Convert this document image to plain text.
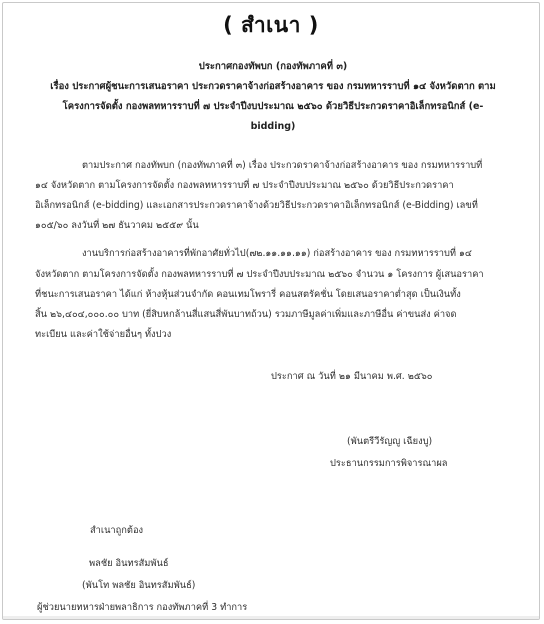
( สำเนา )
ประกาศกองทัพบก (กองทัพภาคที่ ๓)
เรื่อง ประกาศผู้ชนะการเสนอราคา ประกวดราคาจ้างก่อสร้างอาคาร ของ กรมทหารราบที่ ๑๔ จังหวัดตาก ตาม
โครงการจัดตั้ง กองพลทหารราบที่ ๗ ประจำปีงบประมาณ ๒๕๖๐ ด้วยวิธีประกวดราคาอิเล็กทรอนิกส์ (e-
bidding)
ตามประกาศ กองทัพบก (กองทัพภาคที่ ๓) เรื่อง ประกวดราคาจ้างก่อสร้างอาคาร ของ กรมทหารราบที่
๑๔ จังหวัดตาก ตามโครงการจัดตั้ง กองพลทหารราบที่ ๗ ประจำปีงบประมาณ ๒๕๖๐ ด้วยวิธีประกวดราคา
อิเล็กทรอนิกส์ (e-bidding) และเอกสารประกวดราคาจ้างด้วยวิธีประกวดราคาอิเล็กทรอนิกส์ (e-Bidding) เลขที่
๑๐๕/๖๐ ลงวันที่ ๒๗ ธันวาคม ๒๕๕๙ นั้น
งานบริการก่อสร้างอาคารที่พักอาศัยทั่วไป(๗๒.๑๑.๑๑.๑๑) ก่อสร้างอาคาร ของ กรมทหารราบที่ ๑๔
จังหวัดตาก ตามโครงการจัดตั้ง กองพลทหารราบที่ ๗ ประจำปีงบประมาณ ๒๕๖๐ จำนวน ๑ โครงการ ผู้เสนอราคา
ที่ชนะการเสนอราคา ได้แก่ ห้างหุ้นส่วนจำกัด คอนเทมโพรารี่ คอนสตรัคชั่น โดยเสนอราคาต่ำสุด เป็นเงินทั้ง
สิ้น ๒๖,๔๐๔,๐๐๐.๐๐ บาท (ยี่สิบหกล้านสี่แสนสี่พันบาทถ้วน) รวมภาษีมูลค่าเพิ่มและภาษีอื่น ค่าขนส่ง ค่าจด
ทะเบียน และค่าใช้จ่ายอื่นๆ ทั้งปวง
ประกาศ ณ วันที่ ๒๑ มีนาคม พ.ศ. ๒๕๖๐
(พันตรีวีรัญญู เฉียงบู)
ประธานกรรมการพิจารณาผล
สำเนาถูกต้อง
พลชัย อินทรสัมพันธ์
(พันโท พลชัย อินทรสัมพันธ์)
ผู้ช่วยนายทหารฝ่ายพลาธิการ กองทัพภาคที่ 3 ทำการ
